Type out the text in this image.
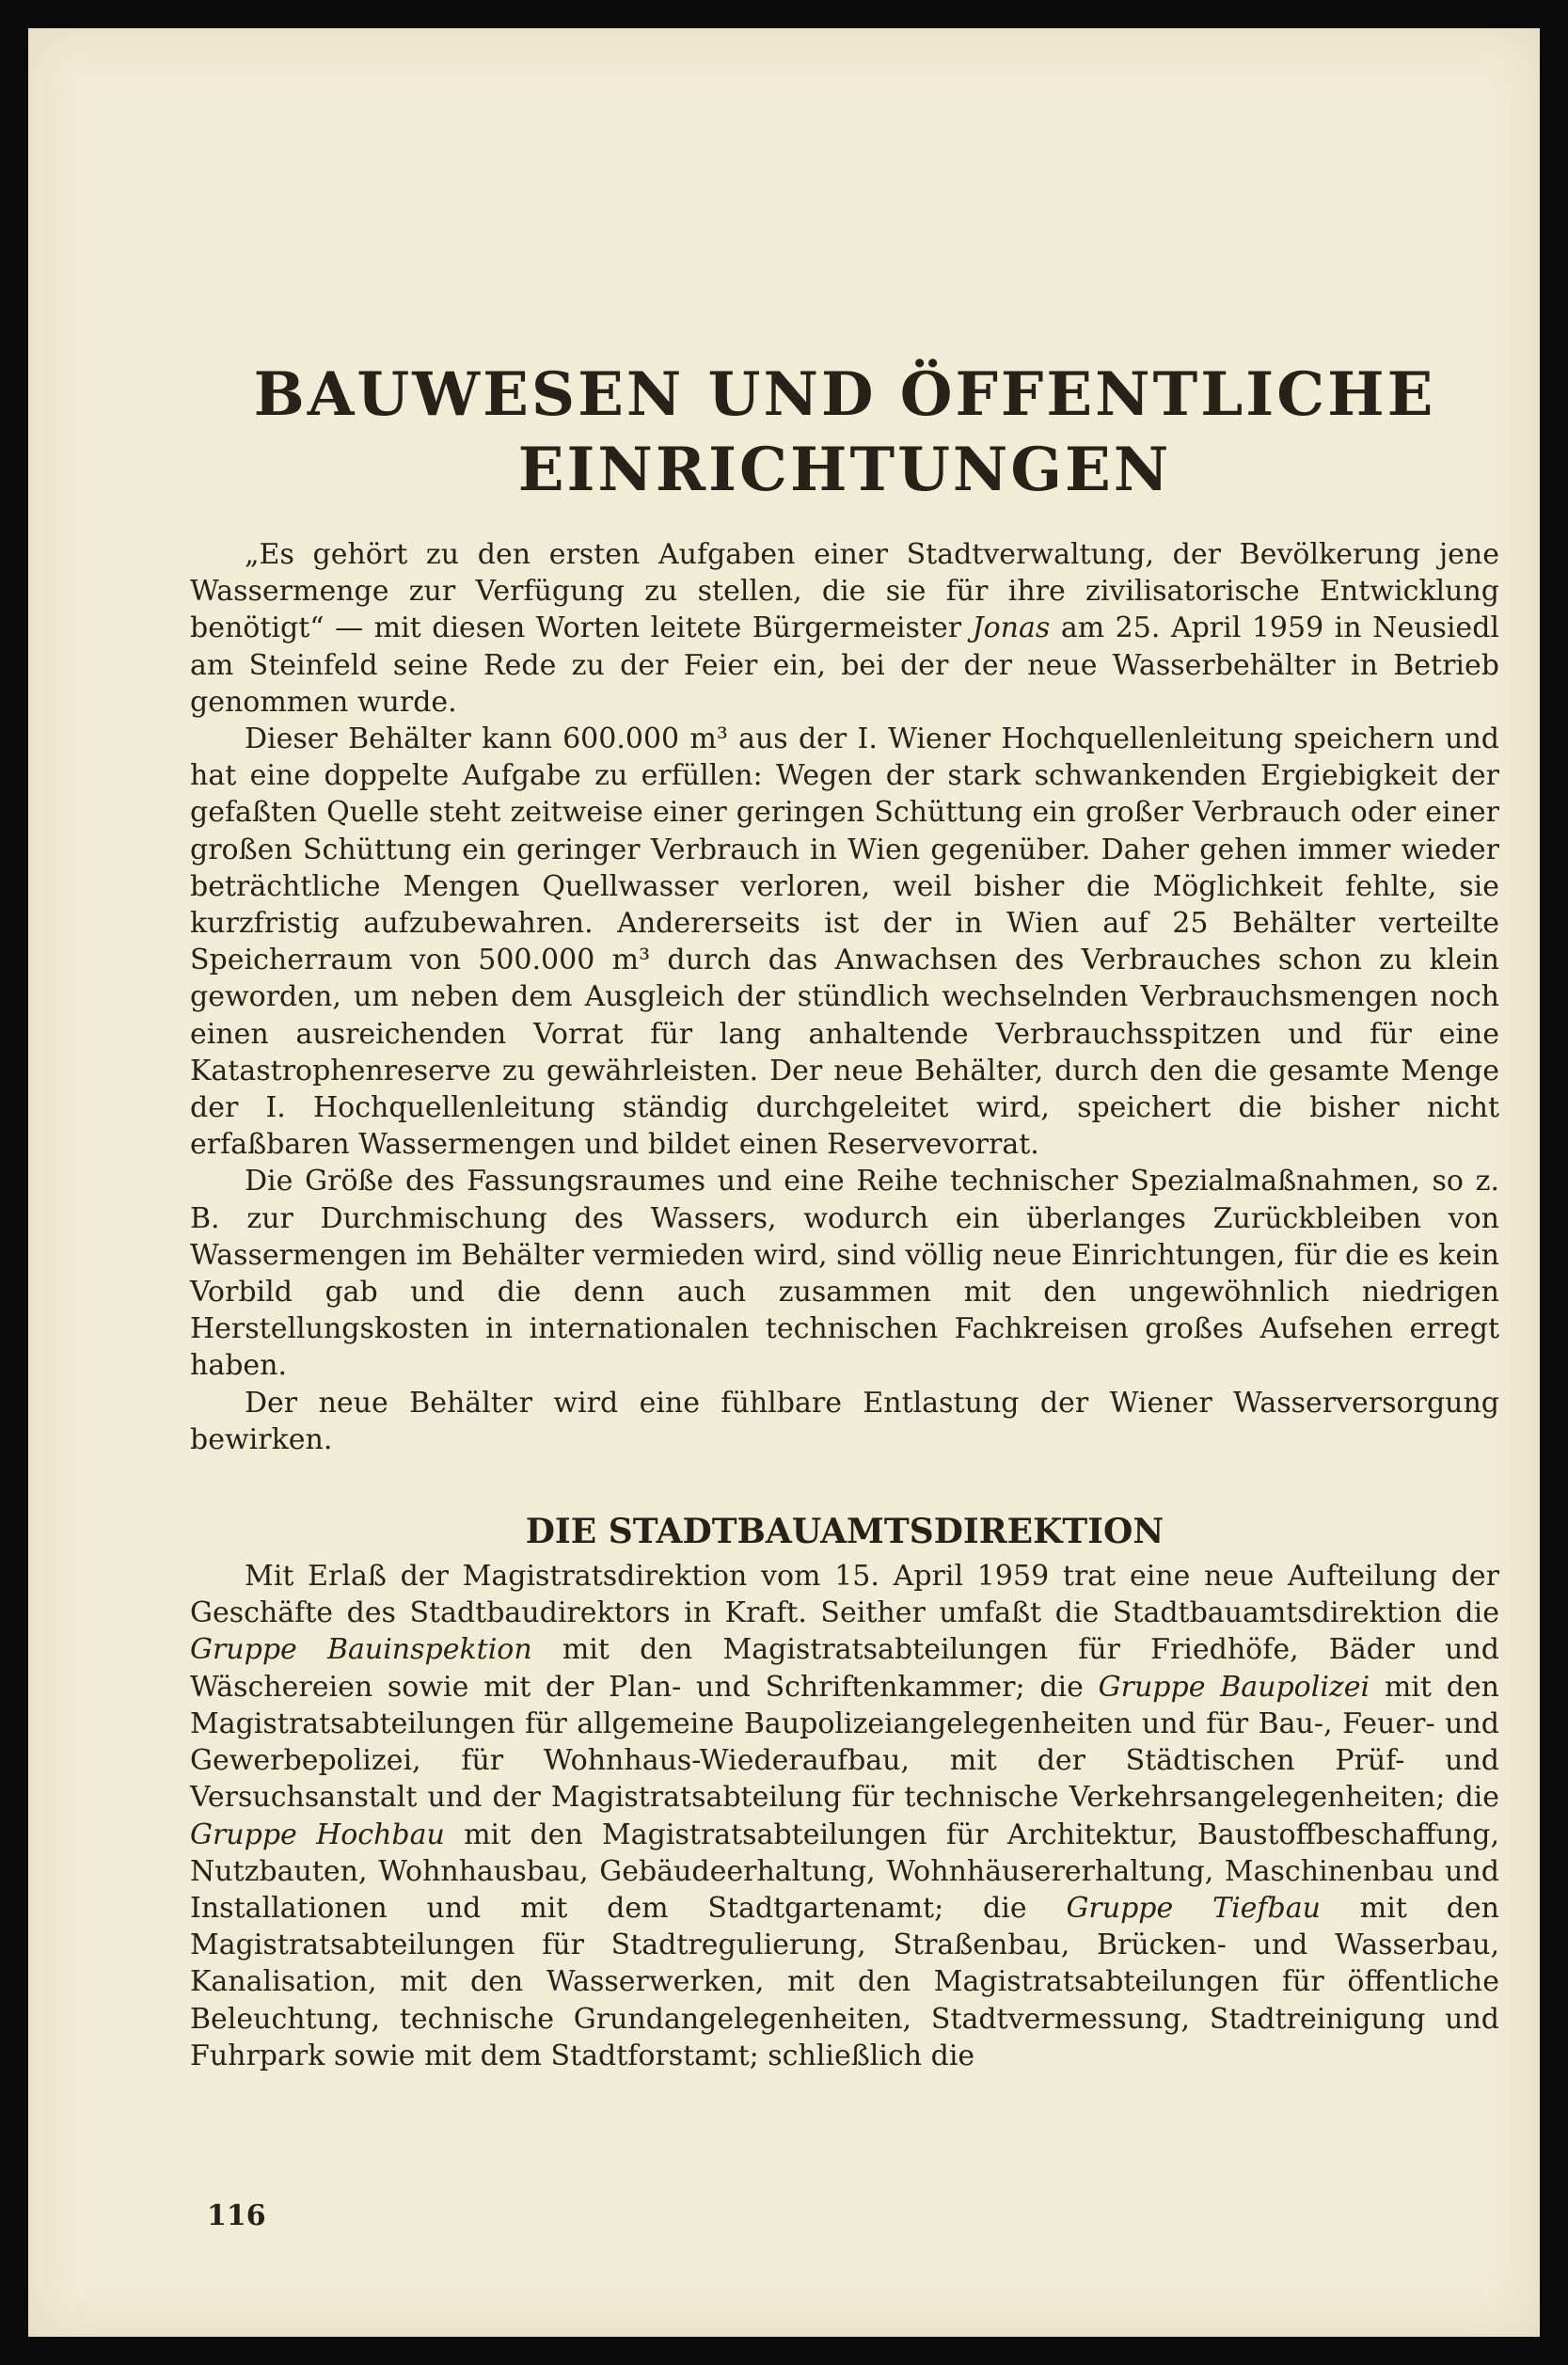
BAUWESEN UND ÖFFENTLICHE
EINRICHTUNGEN

„Es gehört zu den ersten Aufgaben einer Stadtverwaltung, der Bevölkerung jene Wassermenge zur Verfügung zu stellen, die sie für ihre zivilisatorische Entwicklung benötigt“ — mit diesen Worten leitete Bürgermeister Jonas am 25. April 1959 in Neusiedl am Steinfeld seine Rede zu der Feier ein, bei der der neue Wasserbehälter in Betrieb genommen wurde.

Dieser Behälter kann 600.000 m³ aus der I. Wiener Hochquellenleitung speichern und hat eine doppelte Aufgabe zu erfüllen: Wegen der stark schwankenden Ergiebigkeit der gefaßten Quelle steht zeitweise einer geringen Schüttung ein großer Verbrauch oder einer großen Schüttung ein geringer Verbrauch in Wien gegenüber. Daher gehen immer wieder beträchtliche Mengen Quellwasser verloren, weil bisher die Möglichkeit fehlte, sie kurzfristig aufzubewahren. Andererseits ist der in Wien auf 25 Behälter verteilte Speicherraum von 500.000 m³ durch das Anwachsen des Verbrauches schon zu klein geworden, um neben dem Ausgleich der stündlich wechselnden Verbrauchsmengen noch einen ausreichenden Vorrat für lang anhaltende Verbrauchsspitzen und für eine Katastrophenreserve zu gewährleisten. Der neue Behälter, durch den die gesamte Menge der I. Hochquellenleitung ständig durchgeleitet wird, speichert die bisher nicht erfaßbaren Wassermengen und bildet einen Reservevorrat.

Die Größe des Fassungsraumes und eine Reihe technischer Spezialmaßnahmen, so z. B. zur Durchmischung des Wassers, wodurch ein überlanges Zurückbleiben von Wassermengen im Behälter vermieden wird, sind völlig neue Einrichtungen, für die es kein Vorbild gab und die denn auch zusammen mit den ungewöhnlich niedrigen Herstellungskosten in internationalen technischen Fachkreisen großes Aufsehen erregt haben.

Der neue Behälter wird eine fühlbare Entlastung der Wiener Wasserversorgung bewirken.

DIE STADTBAUAMTSDIREKTION

Mit Erlaß der Magistratsdirektion vom 15. April 1959 trat eine neue Aufteilung der Geschäfte des Stadtbaudirektors in Kraft. Seither umfaßt die Stadtbauamtsdirektion die Gruppe Bauinspektion mit den Magistratsabteilungen für Friedhöfe, Bäder und Wäschereien sowie mit der Plan- und Schriftenkammer; die Gruppe Baupolizei mit den Magistratsabteilungen für allgemeine Baupolizeiangelegenheiten und für Bau-, Feuer- und Gewerbepolizei, für Wohnhaus-Wiederaufbau, mit der Städtischen Prüf- und Versuchsanstalt und der Magistratsabteilung für technische Verkehrsangelegenheiten; die Gruppe Hochbau mit den Magistratsabteilungen für Architektur, Baustoffbeschaffung, Nutzbauten, Wohnhausbau, Gebäudeerhaltung, Wohnhäusererhaltung, Maschinenbau und Installationen und mit dem Stadtgartenamt; die Gruppe Tiefbau mit den Magistratsabteilungen für Stadtregulierung, Straßenbau, Brücken- und Wasserbau, Kanalisation, mit den Wasserwerken, mit den Magistratsabteilungen für öffentliche Beleuchtung, technische Grundangelegenheiten, Stadtvermessung, Stadtreinigung und Fuhrpark sowie mit dem Stadtforstamt; schließlich die

116
